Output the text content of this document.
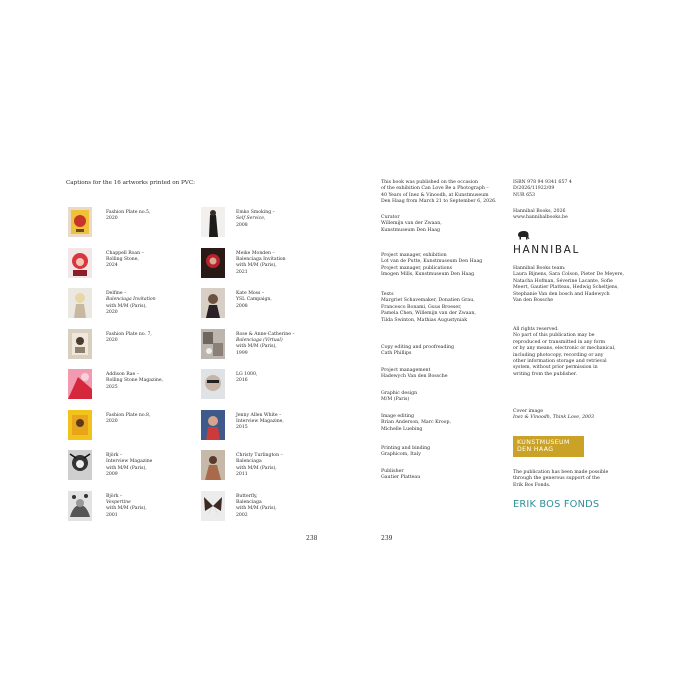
Captions for the 16 artworks printed on PVC:
Fashion Plate no.5,
2020
Chappell Roan –
Rolling Stone,
2024
Delfine –
Balenciaga Invitation
with M/M (Paris),
2020
Fashion Plate no. 7,
2020
Addison Rae –
Rolling Stone Magazine,
2025
Fashion Plate no.8,
2020
Björk –
Interview Magazine
with M/M (Paris),
2009
Björk –
Vespertine
with M/M (Paris),
2001
Emko Smoking –
Self Service,
2008
Meike Monden –
Balenciaga Invitation
with M/M (Paris),
2021
Kate Moss –
YSL Campaign,
2008
Rose & Anne-Catherine –
Balenciaga (Virtual)
with M/M (Paris),
1999
LG 1000,
2016
Jenny Allen White –
Interview Magazine,
2015
Christy Turlington –
Balenciaga
with M/M (Paris),
2011
Butterfly,
Balenciaga
with M/M (Paris),
2002
238
This book was published on the occasion
of the exhibition Can Love Be a Photograph –
40 Years of Inez & Vinoodh, at Kunstmuseum
Den Haag from March 21 to September 6, 2026.
Curator
Willemijn van der Zwaan,
Kunstmuseum Den Haag
Project manager, exhibition
Lot van de Putte, Kunstmuseum Den Haag
Project manager, publications
Imogen Mills, Kunstmuseum Den Haag
Texts
Margriet Schavemaker, Donatien Grau,
Francesco Bonami, Guus Broeser,
Pamela Chen, Willemijn van der Zwaan,
Tilda Swinton, Mathias Augustyniak
Copy editing and proofreading
Cath Phillips
Project management
Hadewych Van den Bossche
Graphic design
M/M (Paris)
Image editing
Brian Anderson, Marc Kroop,
Michelle Luebing
Printing and binding
Graphicom, Italy
Publisher
Gautier Platteau
ISBN 978 94 9341 657 4
D/2026/11922/09
NUR 653
Hannibal Books, 2026
www.hannibalbooks.be
HANNIBAL
Hannibal Books team:
Laura Bijnens, Sara Colson, Pieter De Meyere,
Natacha Hofman, Séverine Lacante, Sofie
Meert, Gautier Platteau, Hedwig Scheltjens,
Stephanie Van den bosch and Hadewych
Van den Bossche
All rights reserved.
No part of this publication may be
reproduced or transmitted in any form
or by any means, electronic or mechanical,
including photocopy, recording or any
other information storage and retrieval
system, without prior permission in
writing from the publisher.
Cover image
Inez & Vinoodh, Think Love, 2003
KUNSTMUSEUM
DEN HAAG
The publication has been made possible
through the generous support of the
Erik Bos Fonds.
ERIK BOS FONDS
239
